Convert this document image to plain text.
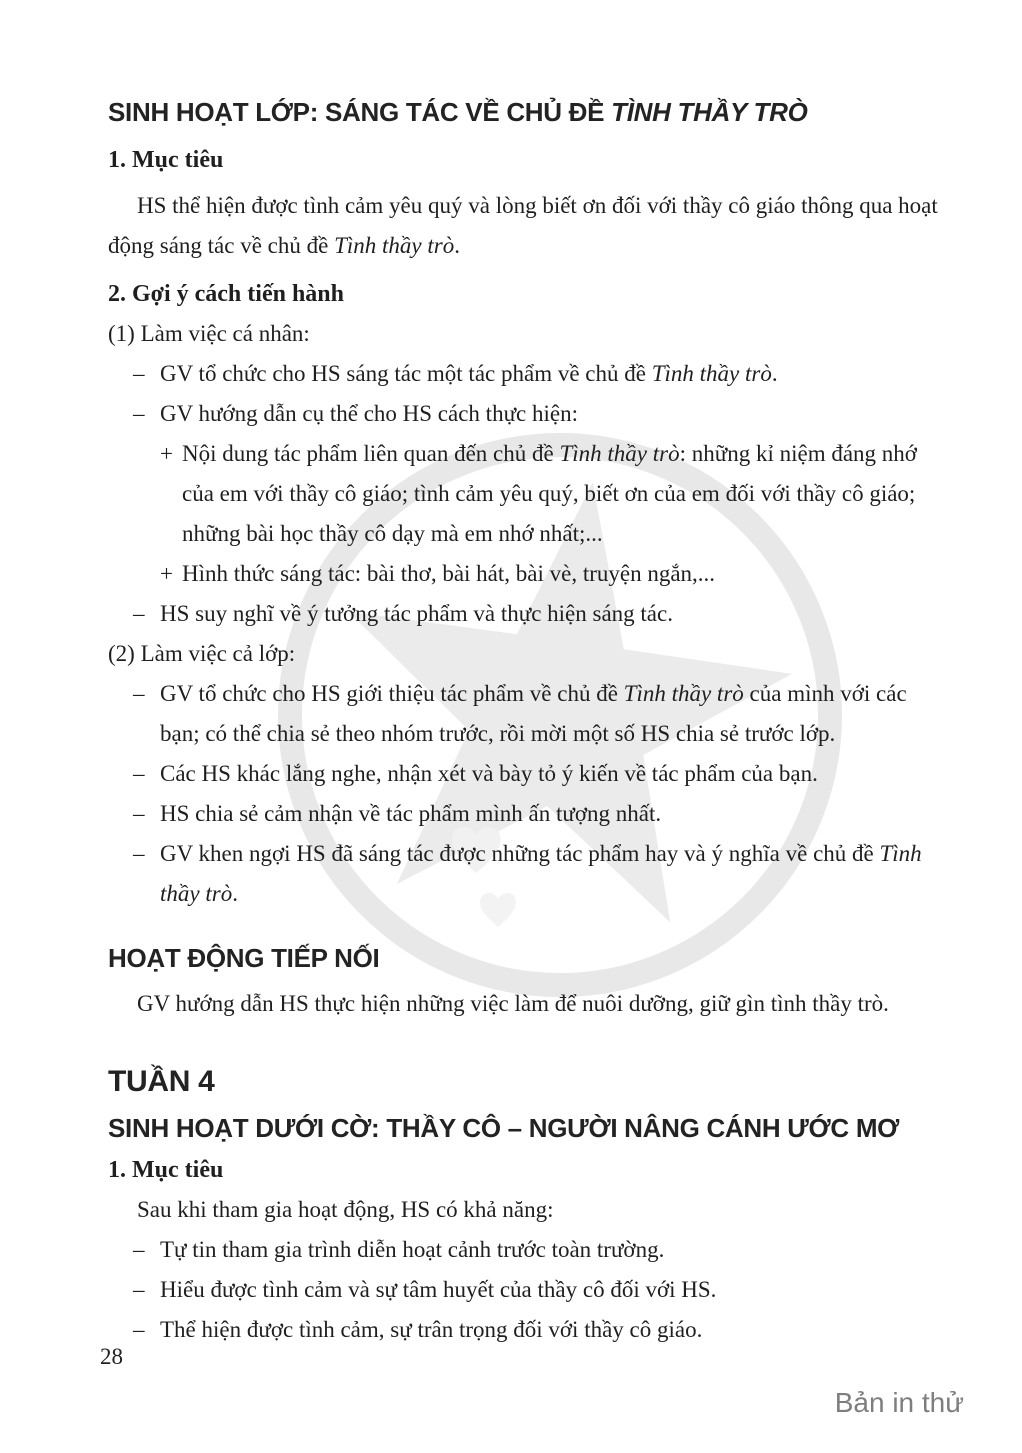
SINH HOẠT LỚP: SÁNG TÁC VỀ CHỦ ĐỀ TÌNH THẦY TRÒ
1. Mục tiêu

HS thể hiện được tình cảm yêu quý và lòng biết ơn đối với thầy cô giáo thông qua hoạt động sáng tác về chủ đề Tình thầy trò.

2. Gợi ý cách tiến hành

(1) Làm việc cá nhân:

– GV tổ chức cho HS sáng tác một tác phẩm về chủ đề Tình thầy trò.

– GV hướng dẫn cụ thể cho HS cách thực hiện:

+ Nội dung tác phẩm liên quan đến chủ đề Tình thầy trò: những kỉ niệm đáng nhớ của em với thầy cô giáo; tình cảm yêu quý, biết ơn của em đối với thầy cô giáo; những bài học thầy cô dạy mà em nhớ nhất;...

+ Hình thức sáng tác: bài thơ, bài hát, bài vè, truyện ngắn,...

– HS suy nghĩ về ý tưởng tác phẩm và thực hiện sáng tác.

(2) Làm việc cả lớp:

– GV tổ chức cho HS giới thiệu tác phẩm về chủ đề Tình thầy trò của mình với các bạn; có thể chia sẻ theo nhóm trước, rồi mời một số HS chia sẻ trước lớp.

– Các HS khác lắng nghe, nhận xét và bày tỏ ý kiến về tác phẩm của bạn.

– HS chia sẻ cảm nhận về tác phẩm mình ấn tượng nhất.

– GV khen ngợi HS đã sáng tác được những tác phẩm hay và ý nghĩa về chủ đề Tình thầy trò.

HOẠT ĐỘNG TIẾP NỐI

GV hướng dẫn HS thực hiện những việc làm để nuôi dưỡng, giữ gìn tình thầy trò.

TUẦN 4
SINH HOẠT DƯỚI CỜ: THẦY CÔ – NGƯỜI NÂNG CÁNH ƯỚC MƠ
1. Mục tiêu

Sau khi tham gia hoạt động, HS có khả năng:

– Tự tin tham gia trình diễn hoạt cảnh trước toàn trường.

– Hiểu được tình cảm và sự tâm huyết của thầy cô đối với HS.

– Thể hiện được tình cảm, sự trân trọng đối với thầy cô giáo.

28
Bản in thử
